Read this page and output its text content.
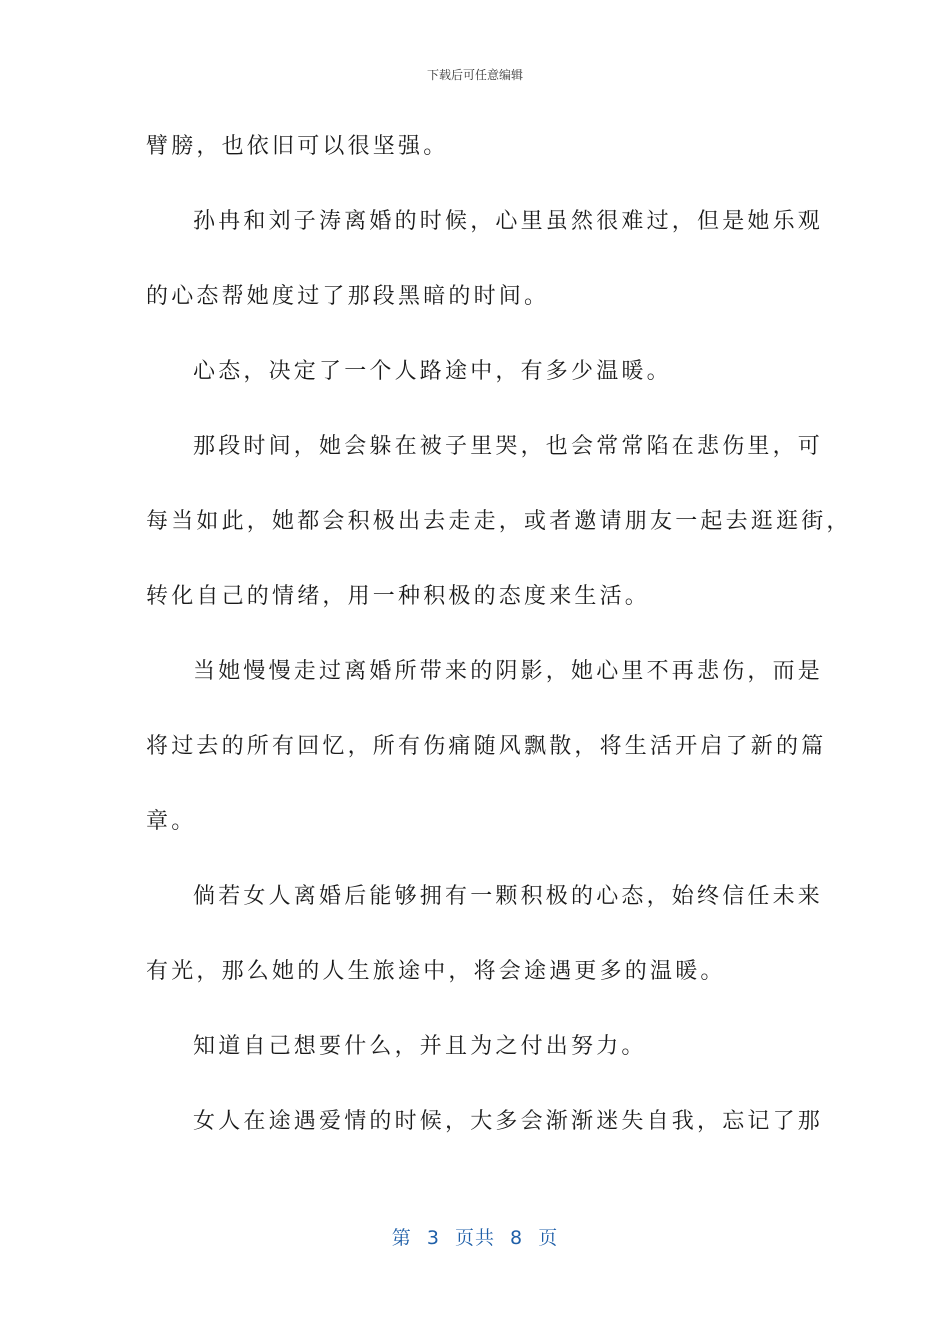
下载后可任意编辑
臂膀，也依旧可以很坚强。
孙冉和刘子涛离婚的时候，心里虽然很难过，但是她乐观
的心态帮她度过了那段黑暗的时间。
心态，决定了一个人路途中，有多少温暖。
那段时间，她会躲在被子里哭，也会常常陷在悲伤里，可
每当如此，她都会积极出去走走，或者邀请朋友一起去逛逛街，
转化自己的情绪，用一种积极的态度来生活。
当她慢慢走过离婚所带来的阴影，她心里不再悲伤，而是
将过去的所有回忆，所有伤痛随风飘散，将生活开启了新的篇
章。
倘若女人离婚后能够拥有一颗积极的心态，始终信任未来
有光，那么她的人生旅途中，将会途遇更多的温暖。
知道自己想要什么，并且为之付出努力。
女人在途遇爱情的时候，大多会渐渐迷失自我，忘记了那
第 3 页共 8 页
